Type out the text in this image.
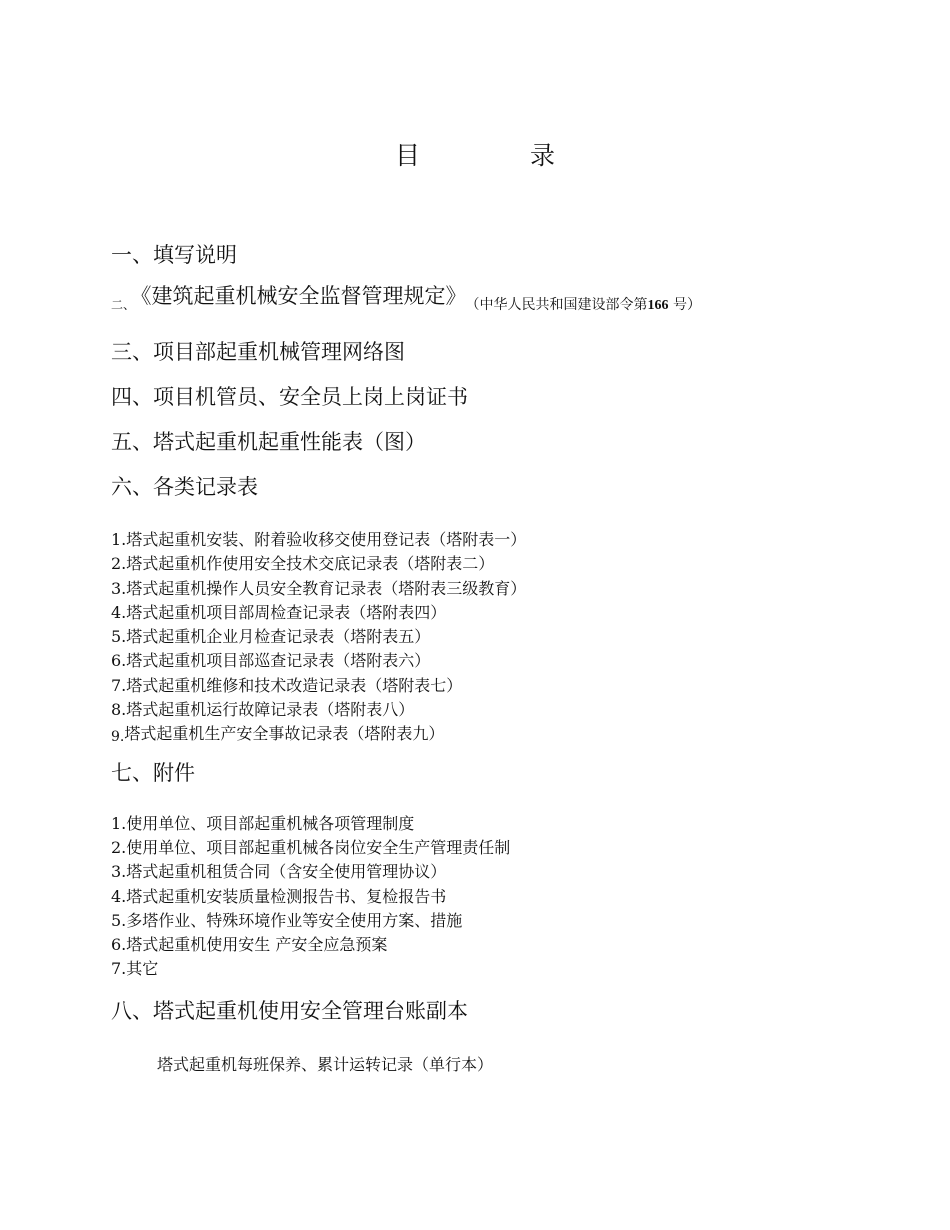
目	录
一、填写说明
$_{二、}$ 《建筑起重机械安全监督管理规定》 $_{(中华人民共和国建设部令第166 号)}$
三、项目部起重机械管理网络图
四、项目机管员、安全员上岗上岗证书
五、塔式起重机起重性能表（图）
六、各类记录表
1.塔式起重机安装、附着验收移交使用登记表（塔附表一）
2.塔式起重机作使用安全技术交底记录表（塔附表二）
3.塔式起重机操作人员安全教育记录表（塔附表三级教育）
4.塔式起重机项目部周检查记录表（塔附表四）
5.塔式起重机企业月检查记录表（塔附表五）
6.塔式起重机项目部巡查记录表（塔附表六）
7.塔式起重机维修和技术改造记录表（塔附表七）
8.塔式起重机运行故障记录表（塔附表八）
9.塔式起重机生产安全事故记录表（塔附表九）
七、附件
1.使用单位、项目部起重机械各项管理制度
2.使用单位、项目部起重机械各岗位安全生产管理责任制
3.塔式起重机租赁合同（含安全使用管理协议）
4.塔式起重机安装质量检测报告书、复检报告书
5.多塔作业、特殊环境作业等安全使用方案、措施
6.塔式起重机使用安生 产安全应急预案
7.其它
八、塔式起重机使用安全管理台账副本
塔式起重机每班保养、累计运转记录（单行本）
